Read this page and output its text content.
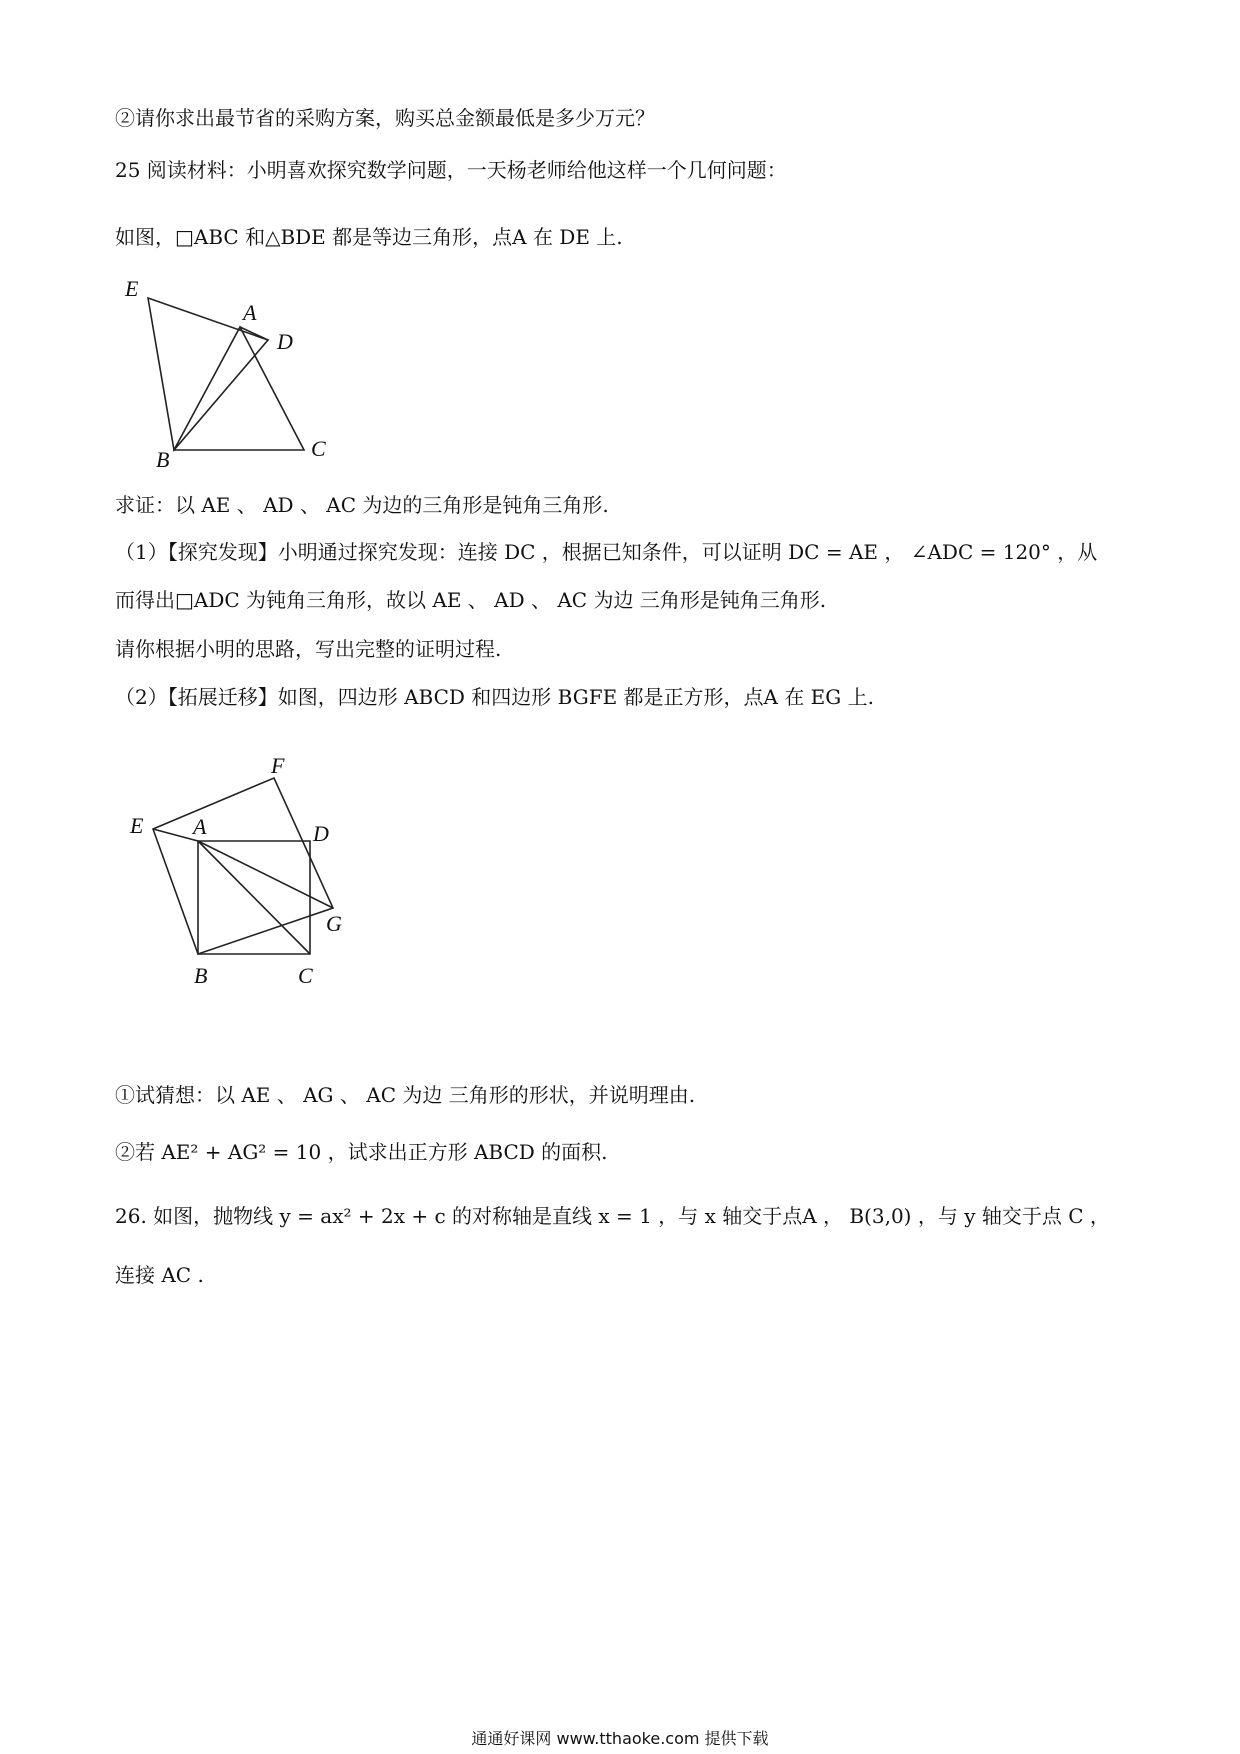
②请你求出最节省的采购方案，购买总金额最低是多少万元？
25 阅读材料：小明喜欢探究数学问题，一天杨老师给他这样一个几何问题：
如图，□ABC 和△BDE 都是等边三角形，点A 在 DE 上.
E
A
D
B	C
求证：以 AE 、 AD 、 AC 为边的三角形是钝角三角形.
（1）【探究发现】小明通过探究发现：连接 DC ，根据已知条件，可以证明 DC = AE ， ∠ADC = 120° ，从
而得出□ADC 为钝角三角形，故以 AE 、 AD 、 AC 为边 三角形是钝角三角形.
请你根据小明的思路，写出完整的证明过程.
（2）【拓展迁移】如图，四边形 ABCD 和四边形 BGFE 都是正方形，点A 在 EG 上.
F
E A	D
G
B	C
①试猜想：以 AE 、 AG 、 AC 为边 三角形的形状，并说明理由.
②若 AE² + AG² = 10 ，试求出正方形 ABCD 的面积.
26. 如图，抛物线 y = ax² + 2x + c 的对称轴是直线 x = 1 ，与 x 轴交于点A ， B(3,0) ，与 y 轴交于点 C ，
连接 AC .
通通好课网 www.tthaoke.com 提供下载
